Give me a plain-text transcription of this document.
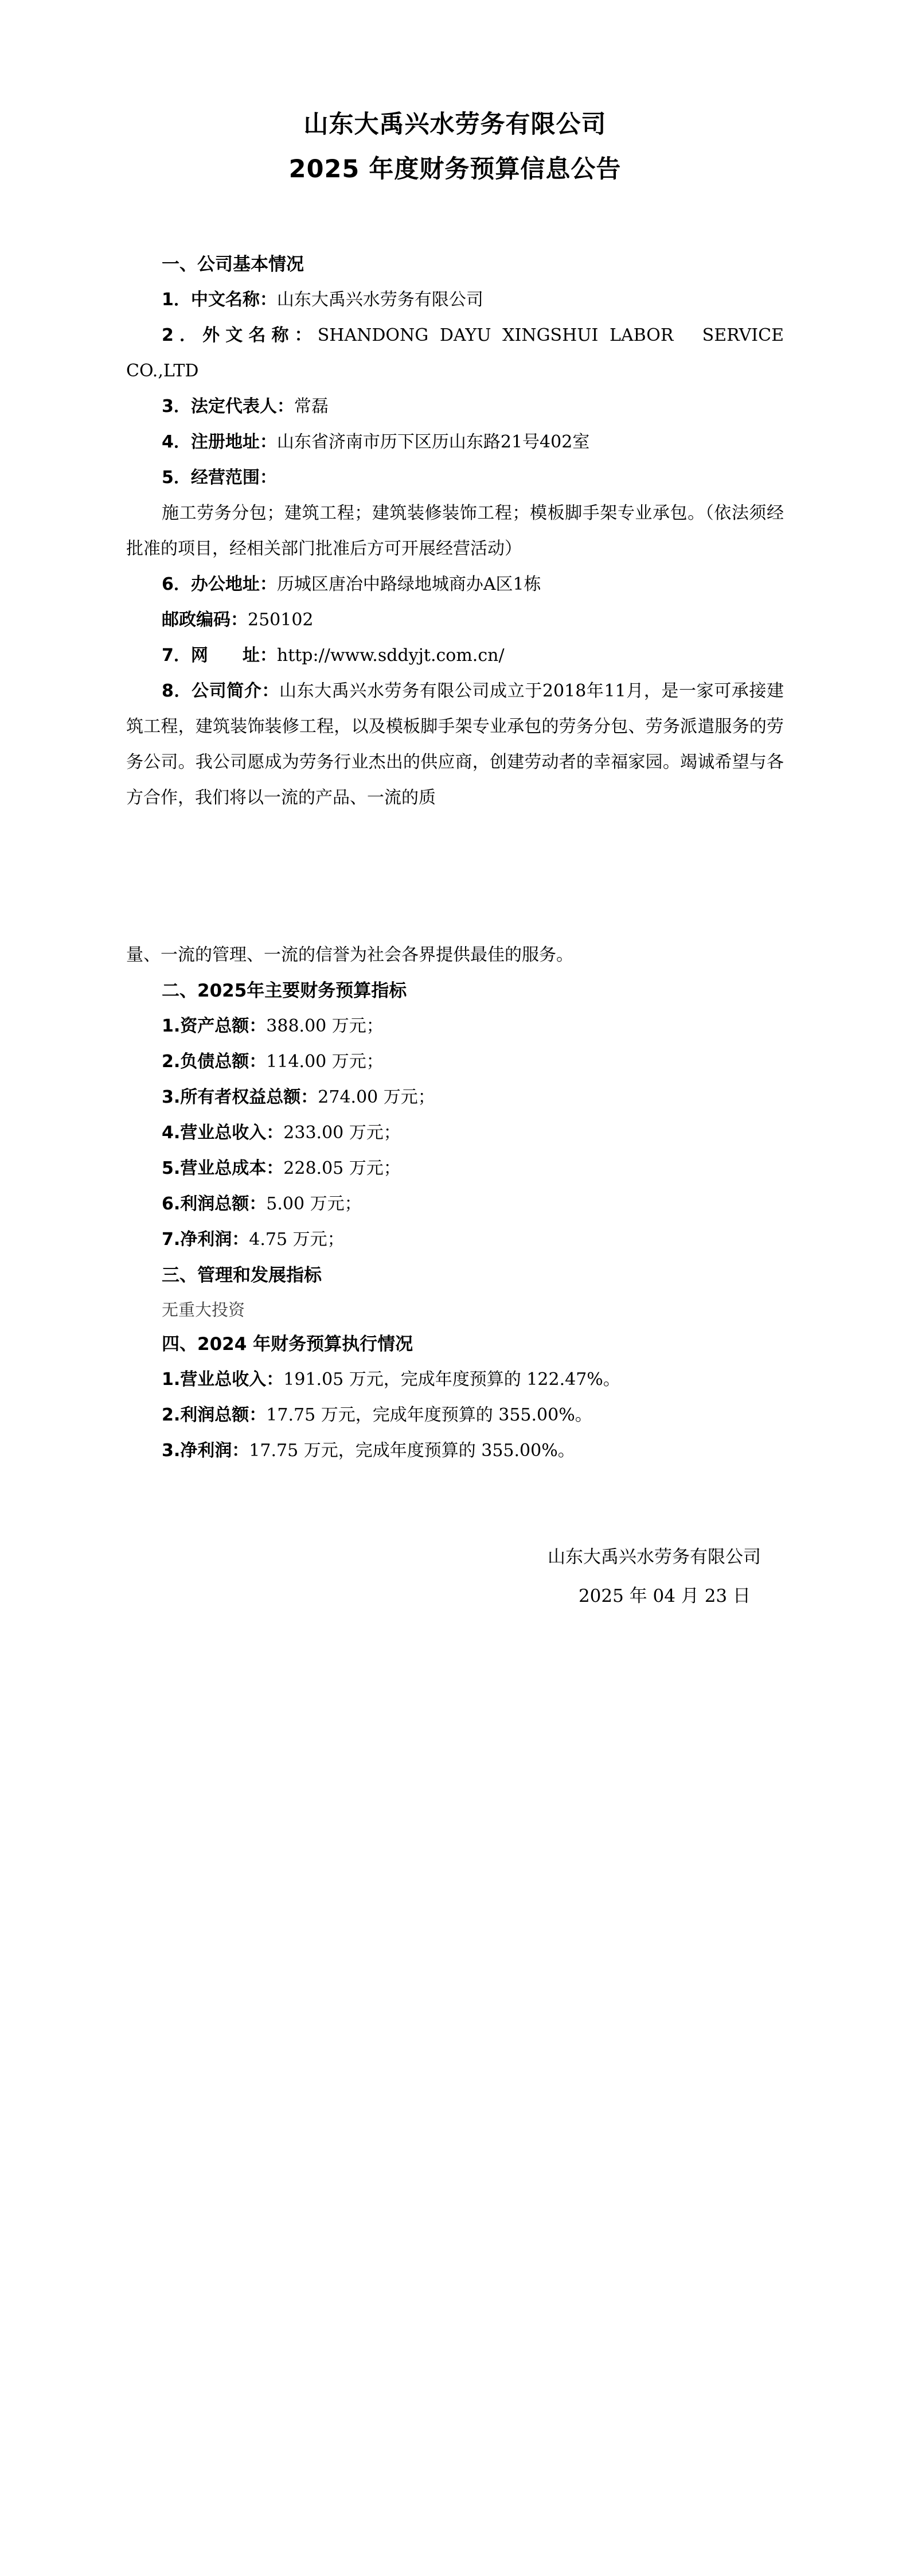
山东大禹兴水劳务有限公司
2025 年度财务预算信息公告
一、公司基本情况

1．中文名称：山东大禹兴水劳务有限公司

2．外文名称：SHANDONG DAYU XINGSHUI LABOR　SERVICE CO.,LTD

3．法定代表人：常磊

4．注册地址：山东省济南市历下区历山东路21号402室

5．经营范围：

施工劳务分包；建筑工程；建筑装修装饰工程；模板脚手架专业承包。（依法须经批准的项目，经相关部门批准后方可开展经营活动）

6．办公地址：历城区唐冶中路绿地城商办A区1栋

邮政编码：250102

7．网　　址：http://www.sddyjt.com.cn/

8．公司简介：山东大禹兴水劳务有限公司成立于2018年11月，是一家可承接建筑工程，建筑装饰装修工程，以及模板脚手架专业承包的劳务分包、劳务派遣服务的劳务公司。我公司愿成为劳务行业杰出的供应商，创建劳动者的幸福家园。竭诚希望与各方合作，我们将以一流的产品、一流的质

量、一流的管理、一流的信誉为社会各界提供最佳的服务。

二、2025年主要财务预算指标

1.资产总额：388.00 万元；

2.负债总额：114.00 万元；

3.所有者权益总额：274.00 万元；

4.营业总收入：233.00 万元；

5.营业总成本：228.05 万元；

6.利润总额：5.00 万元；

7.净利润：4.75 万元；

三、管理和发展指标

无重大投资

四、2024 年财务预算执行情况

1.营业总收入：191.05 万元，完成年度预算的 122.47%。

2.利润总额：17.75 万元，完成年度预算的 355.00%。

3.净利润：17.75 万元，完成年度预算的 355.00%。

山东大禹兴水劳务有限公司
2025 年 04 月 23 日
